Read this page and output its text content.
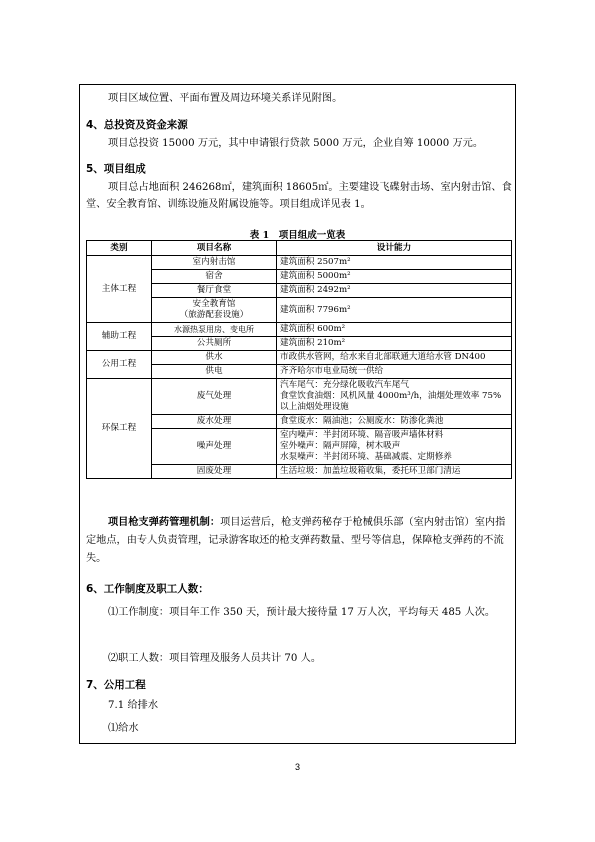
项目区域位置、平面布置及周边环境关系详见附图。

4、总投资及资金来源

项目总投资 15000 万元，其中申请银行贷款 5000 万元，企业自筹 10000 万元。

5、项目组成

项目总占地面积 246268㎡，建筑面积 18605㎡。主要建设飞碟射击场、室内射击馆、食堂、安全教育馆、训练设施及附属设施等。项目组成详见表 1。

表 1　项目组成一览表
类别	项目名称	设计能力
主体工程	室内射击馆	建筑面积 2507m²
	宿舍	建筑面积 5000m²
	餐厅食堂	建筑面积 2492m²
	安全教育馆
（旅游配套设施）	建筑面积 7796m²
辅助工程	水源热泵用房、变电所	建筑面积 600m²
	公共厕所	建筑面积 210m²
公用工程	供水	市政供水管网，给水来自北部联通大道给水管 DN400
	供电	齐齐哈尔市电业局统一供给
环保工程	废气处理	汽车尾气：充分绿化吸收汽车尾气
食堂饮食油烟：风机风量 4000m³/h，油烟处理效率 75% 以上油烟处理设施
	废水处理	食堂废水：隔油池；公厕废水：防渗化粪池
	噪声处理	室内噪声：半封闭环境、隔音吸声墙体材料
室外噪声：隔声屏障，树木吸声
水泵噪声：半封闭环境、基础减震、定期修养
	固废处理	生活垃圾：加盖垃圾箱收集，委托环卫部门清运

项目枪支弹药管理机制：项目运营后，枪支弹药秘存于枪械俱乐部（室内射击馆）室内指定地点，由专人负责管理，记录游客取还的枪支弹药数量、型号等信息，保障枪支弹药的不流失。

6、工作制度及职工人数：

⑴工作制度：项目年工作 350 天，预计最大接待量 17 万人次，平均每天 485 人次。

⑵职工人数：项目管理及服务人员共计 70 人。

7、公用工程

7.1 给排水

⑴给水

3
